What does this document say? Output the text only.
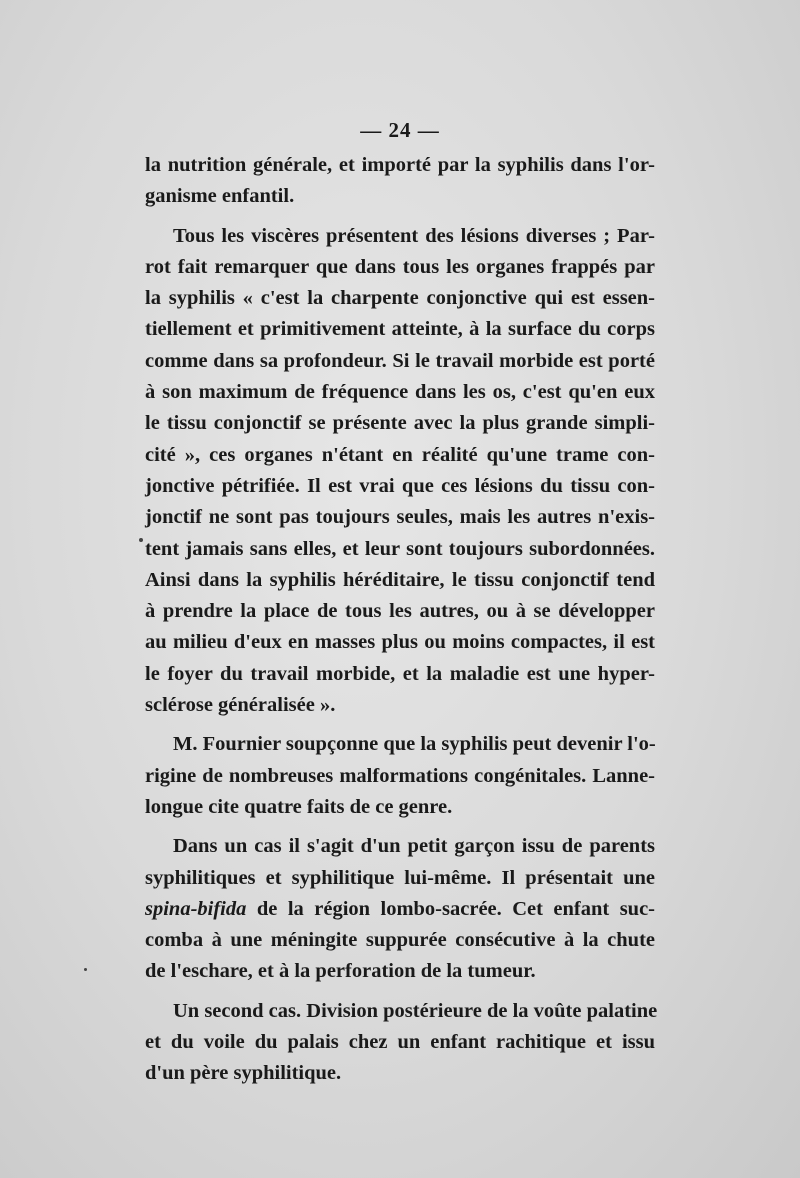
— 24 —
la nutrition générale, et importé par la syphilis dans l'or-
ganisme enfantil.
Tous les viscères présentent des lésions diverses ; Par-
rot fait remarquer que dans tous les organes frappés par
la syphilis « c'est la charpente conjonctive qui est essen-
tiellement et primitivement atteinte, à la surface du corps
comme dans sa profondeur. Si le travail morbide est porté
à son maximum de fréquence dans les os, c'est qu'en eux
le tissu conjonctif se présente avec la plus grande simpli-
cité », ces organes n'étant en réalité qu'une trame con-
jonctive pétrifiée. Il est vrai que ces lésions du tissu con-
jonctif ne sont pas toujours seules, mais les autres n'exis-
tent jamais sans elles, et leur sont toujours subordonnées.
Ainsi dans la syphilis héréditaire, le tissu conjonctif tend
à prendre la place de tous les autres, ou à se développer
au milieu d'eux en masses plus ou moins compactes, il est
le foyer du travail morbide, et la maladie est une hyper-
sclérose généralisée ».
M. Fournier soupçonne que la syphilis peut devenir l'o-
rigine de nombreuses malformations congénitales. Lanne-
longue cite quatre faits de ce genre.
Dans un cas il s'agit d'un petit garçon issu de parents
syphilitiques et syphilitique lui-même. Il présentait une
spina-bifida de la région lombo-sacrée. Cet enfant suc-
comba à une méningite suppurée consécutive à la chute
de l'eschare, et à la perforation de la tumeur.
Un second cas. Division postérieure de la voûte palatine
et du voile du palais chez un enfant rachitique et issu
d'un père syphilitique.
